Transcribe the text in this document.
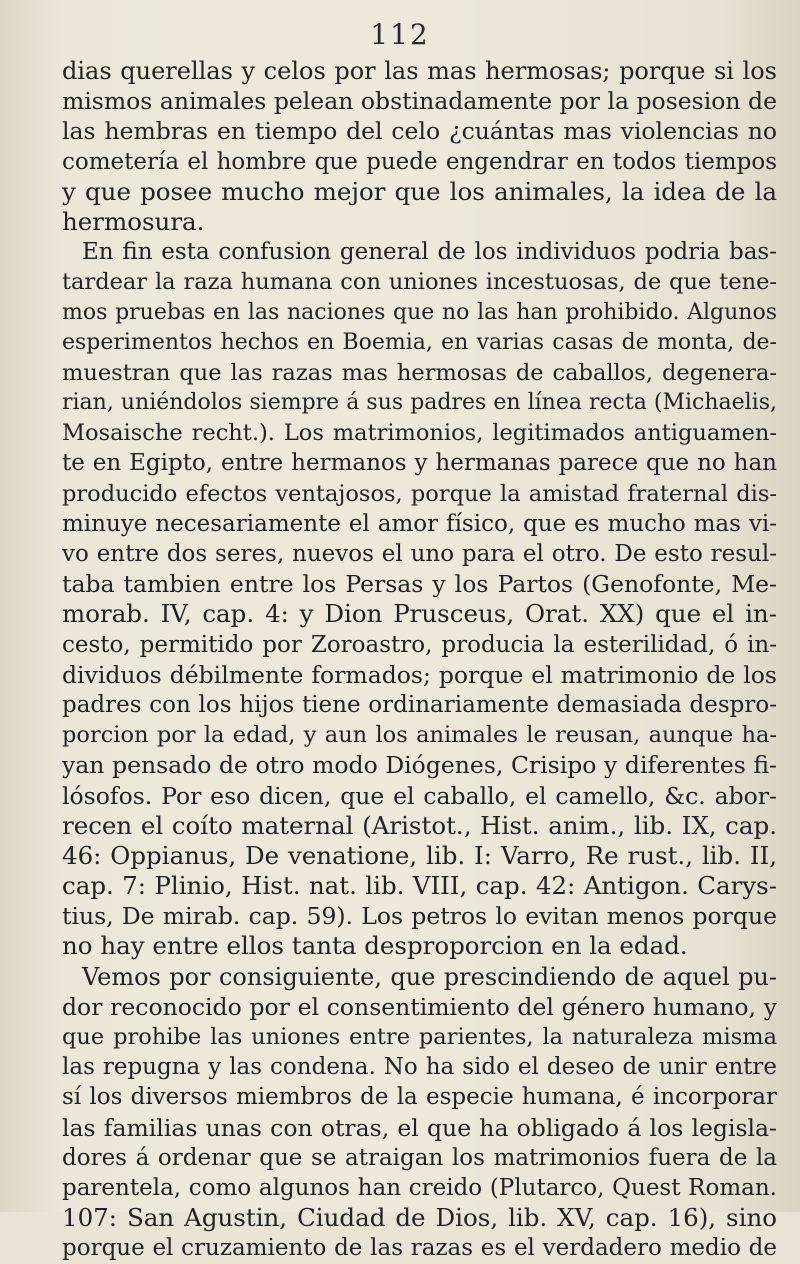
112
dias querellas y celos por las mas hermosas; porque si los
mismos animales pelean obstinadamente por la posesion de
las hembras en tiempo del celo ¿cuántas mas violencias no
cometería el hombre que puede engendrar en todos tiempos
y que posee mucho mejor que los animales, la idea de la
hermosura.
En fin esta confusion general de los individuos podria bas-
tardear la raza humana con uniones incestuosas, de que tene-
mos pruebas en las naciones que no las han prohibido. Algunos
esperimentos hechos en Boemia, en varias casas de monta, de-
muestran que las razas mas hermosas de caballos, degenera-
rian, uniéndolos siempre á sus padres en línea recta (Michaelis,
Mosaische recht.). Los matrimonios, legitimados antiguamen-
te en Egipto, entre hermanos y hermanas parece que no han
producido efectos ventajosos, porque la amistad fraternal dis-
minuye necesariamente el amor físico, que es mucho mas vi-
vo entre dos seres, nuevos el uno para el otro. De esto resul-
taba tambien entre los Persas y los Partos (Genofonte, Me-
morab. IV, cap. 4: y Dion Prusceus, Orat. XX) que el in-
cesto, permitido por Zoroastro, producia la esterilidad, ó in-
dividuos débilmente formados; porque el matrimonio de los
padres con los hijos tiene ordinariamente demasiada despro-
porcion por la edad, y aun los animales le reusan, aunque ha-
yan pensado de otro modo Diógenes, Crisipo y diferentes fi-
lósofos. Por eso dicen, que el caballo, el camello, &c. abor-
recen el coíto maternal (Aristot., Hist. anim., lib. IX, cap.
46: Oppianus, De venatione, lib. I: Varro, Re rust., lib. II,
cap. 7: Plinio, Hist. nat. lib. VIII, cap. 42: Antigon. Carys-
tius, De mirab. cap. 59). Los petros lo evitan menos porque
no hay entre ellos tanta desproporcion en la edad.
Vemos por consiguiente, que prescindiendo de aquel pu-
dor reconocido por el consentimiento del género humano, y
que prohibe las uniones entre parientes, la naturaleza misma
las repugna y las condena. No ha sido el deseo de unir entre
sí los diversos miembros de la especie humana, é incorporar
las familias unas con otras, el que ha obligado á los legisla-
dores á ordenar que se atraigan los matrimonios fuera de la
parentela, como algunos han creido (Plutarco, Quest Roman.
107: San Agustin, Ciudad de Dios, lib. XV, cap. 16), sino
porque el cruzamiento de las razas es el verdadero medio de
